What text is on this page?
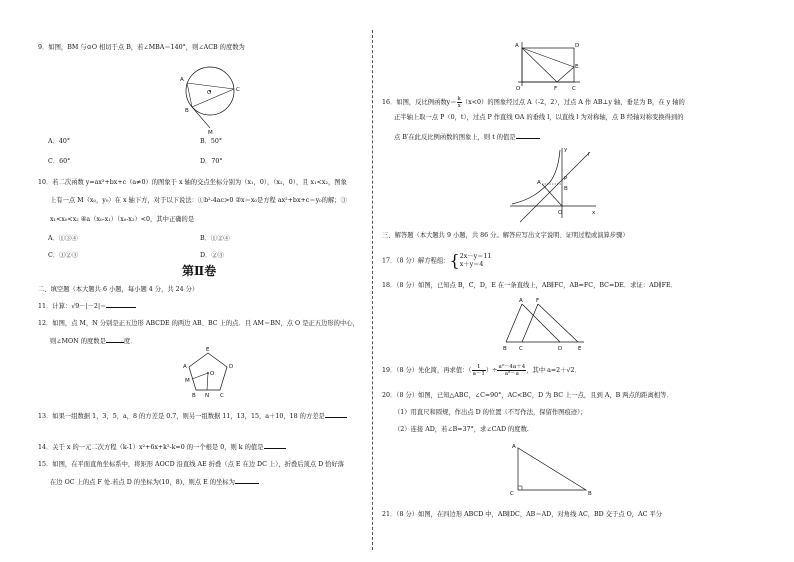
9．如图，BM 与⊙O 相切于点 B，若∠MBA＝140°，则∠ACB 的度数为
A
O	C
B
M
A．40°	B．50°
C．60°	D．70°
10．若二次函数 y=ax²+bx+c（a≠0）的图象于 x 轴的交点坐标分别为（x₁，0），（x₂，0），且 x₁<x₂，图象
上有一点 M（x₀，y₀）在 x 轴下方，对于以下说法：①b²-4ac>0 ②x＝x₀是方程 ax²+bx+c＝y₀的解；③
x₁<x₀<x₂ ④a（x₀-x₁）（x₀-x₂）<0，其中正确的是
A．①③④	B．①②④
C．①②③	D．②③
第Ⅱ卷
二、填空题（本大题共 6 小题，每小题 4 分，共 24 分）
11．计算：√9－|－2|＝
12．如图，点 M，N 分别是正五边形 ABCDE 的两边 AB、BC 上的点．且 AM＝BN，点 O 是正五边形的中心，
则∠MON 的度数是	度．
E
A	D
M
O
B N C
13．如果一组数据 1，3，5，a，8 的方差是 0.7，则另一组数据 11，13，15，a＋10，18 的方差是
14．关于 x 的一元二次方程（k-1）x²+6x+k²-k=0 的一个根是 0，则 k 的值是
15．如图，在平面直角坐标系中，将矩形 AOCD 沿直线 AE 折叠（点 E 在边 DC 上），折叠后顶点 D 恰好落
在边 OC 上的点 F 处.若点 D 的坐标为(10，8)，则点 E 的坐标为
A	D
E
O	F	C
16．如图，反比例函数$y= \frac{k}{x} (x<0)$的图象经过点 A（-2，2），过点 A 作 AB⊥y 轴，垂足为 B，在 y 轴的
正半轴上取一点 P（0，t），过点 P 作直线 OA 的垂线 l，以直线 l 为对称轴，点 B 经轴对称变换得到的
点 B′在此反比例函数的图象上，则 t 的值是
y
l
A
P
B
O	x
三、解答题（本大题共 9 小题，共 86 分。解答应写出文字说明、证明过程或演算步骤）
17．（8 分）解方程组：{ 2x－y＝11
x＋y＝4
18．（8 分）如图，已知点 B，C，D，E 在一条直线上，AB∥FC，AB=FC，BC=DE．求证：AD∥FE．
A F
B C	D	E
19．（8 分）先化简，再求值：（ $\frac{1}{a-1}$ ）÷ $\frac{\text{a²－4a＋4}}{\text{a²－a}}$ ，其中 a=2＋√2．
20．（8 分）如图，已知△ABC，∠C=90°，AC<BC，D 为 BC 上一点，且到 A，B 两点的距离相等．
（1）用直尺和圆规，作出点 D 的位置（不写作法，保留作图痕迹）；
（2）连接 AD，若∠B=37°，求∠CAD 的度数.
A
C	B
21．（8 分）如图，在四边形 ABCD 中，AB∥DC，AB＝AD，对角线 AC，BD 交于点 O，AC 平分
